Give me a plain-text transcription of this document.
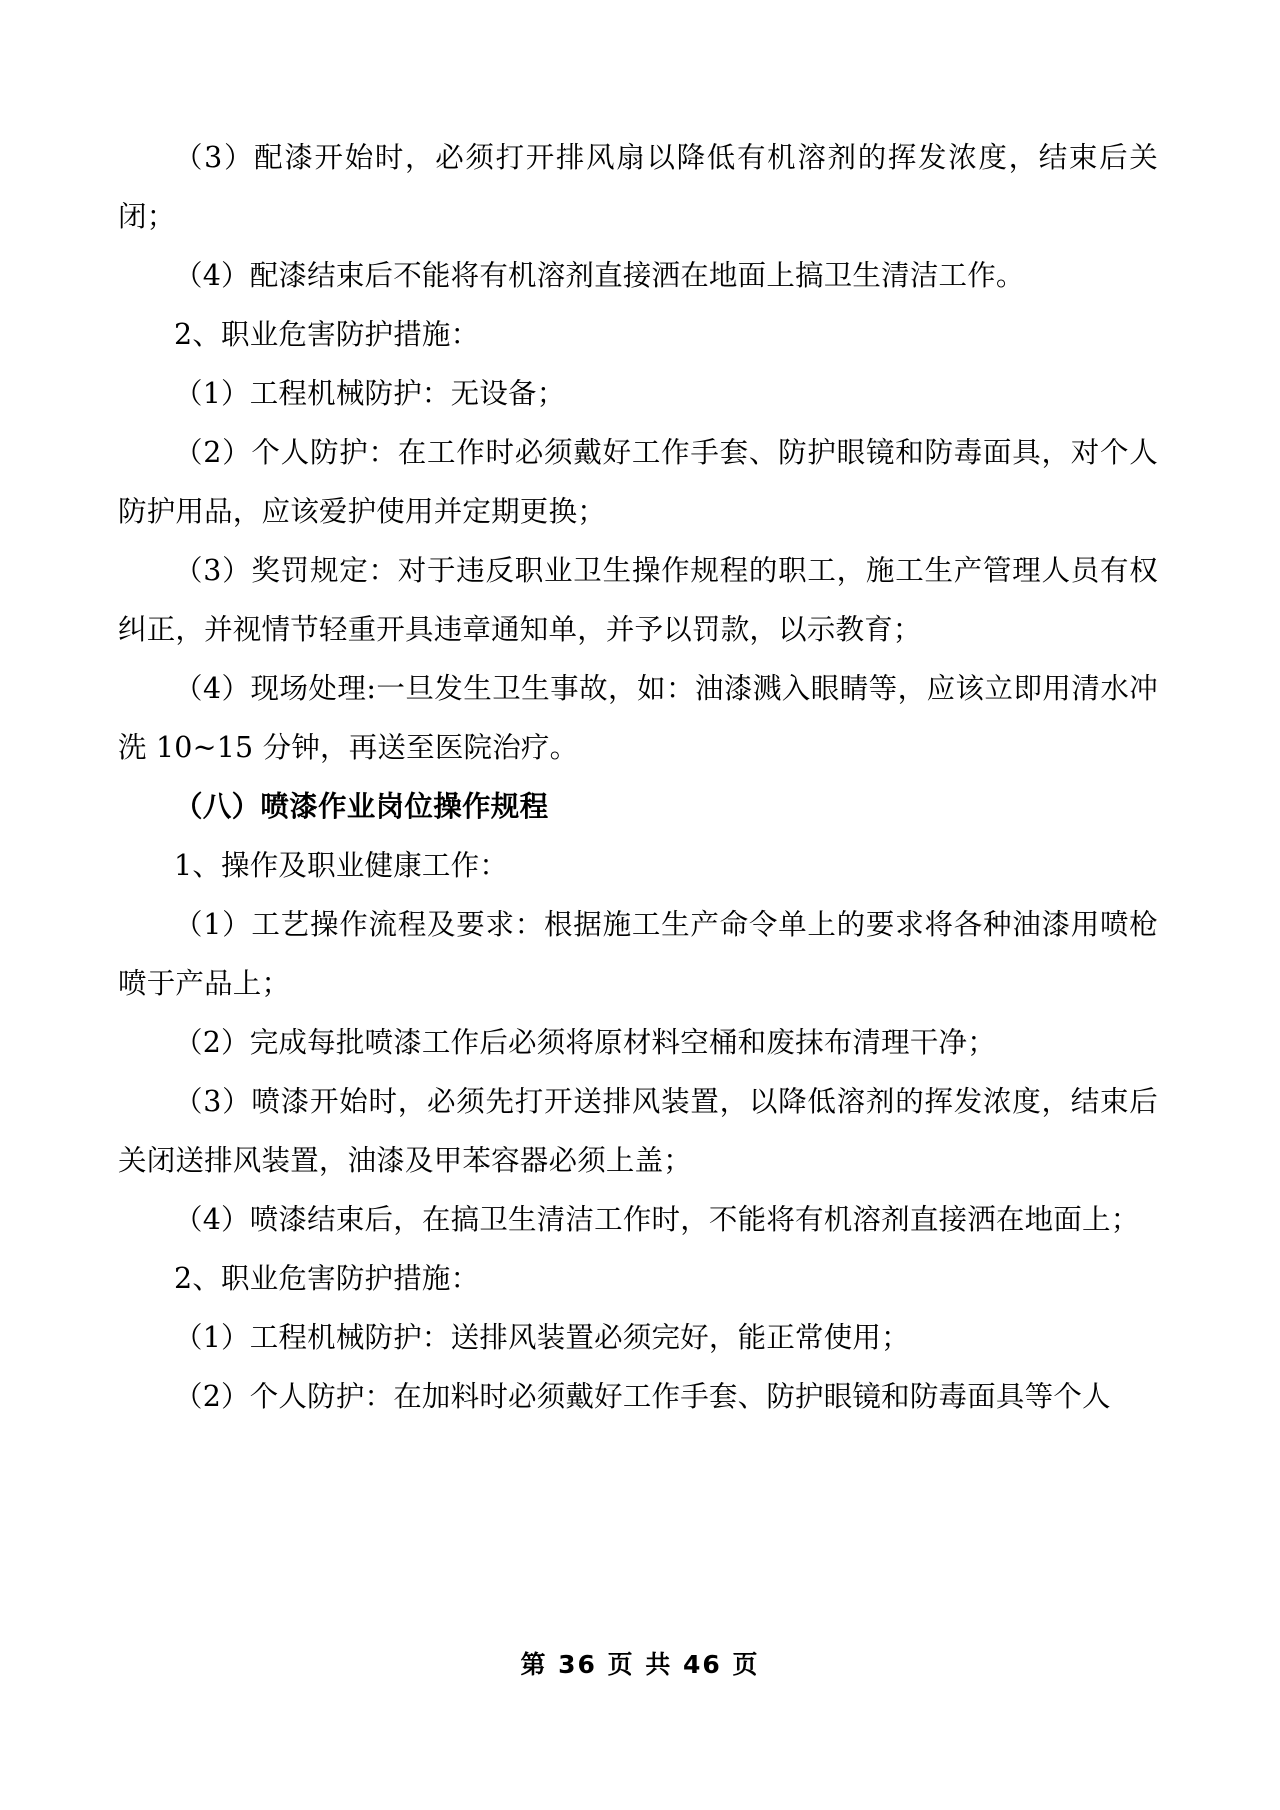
（3）配漆开始时，必须打开排风扇以降低有机溶剂的挥发浓度，结束后关闭；

（4）配漆结束后不能将有机溶剂直接洒在地面上搞卫生清洁工作。

2、职业危害防护措施：

（1）工程机械防护：无设备；

（2）个人防护：在工作时必须戴好工作手套、防护眼镜和防毒面具，对个人防护用品，应该爱护使用并定期更换；

（3）奖罚规定：对于违反职业卫生操作规程的职工，施工生产管理人员有权纠正，并视情节轻重开具违章通知单，并予以罚款，以示教育；

（4）现场处理:一旦发生卫生事故，如：油漆溅入眼睛等，应该立即用清水冲洗 10~15 分钟，再送至医院治疗。

（八）喷漆作业岗位操作规程

1、操作及职业健康工作：

（1）工艺操作流程及要求：根据施工生产命令单上的要求将各种油漆用喷枪喷于产品上；

（2）完成每批喷漆工作后必须将原材料空桶和废抹布清理干净；

（3）喷漆开始时，必须先打开送排风装置，以降低溶剂的挥发浓度，结束后关闭送排风装置，油漆及甲苯容器必须上盖；

（4）喷漆结束后，在搞卫生清洁工作时，不能将有机溶剂直接洒在地面上；

2、职业危害防护措施：

（1）工程机械防护：送排风装置必须完好，能正常使用；

（2）个人防护：在加料时必须戴好工作手套、防护眼镜和防毒面具等个人

第 36 页 共 46 页
